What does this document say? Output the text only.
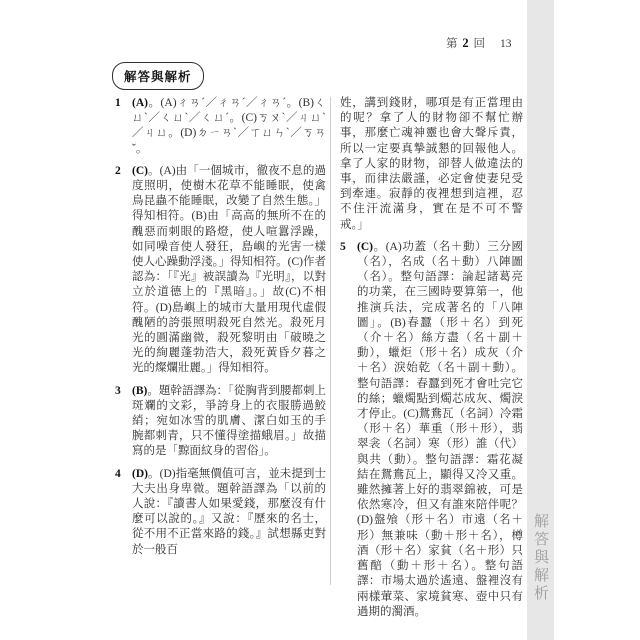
第 2 回 13
解答與解析
1 (A)。(A)ㄔㄢˊ／ㄔㄢˊ／ㄔㄢˊ。(B)ㄑㄩˋ／ㄑㄩˋ／ㄑㄩˊ。(C)ㄎㄡˋ／ㄐㄩˋ／ㄐㄩ。(D)ㄉㄧㄢˋ／ㄒㄩㄣˋ／ㄎㄢˇ。
2 (C)。(A)由「一個城市，徹夜不息的過度照明，使樹木花草不能睡眠，使禽鳥昆蟲不能睡眠，改變了自然生態。」得知相符。(B)由「高高的無所不在的醜惡而刺眼的路燈，使人喧囂浮躁，如同噪音使人發狂，島嶼的光害一樣使人心躁動浮淺。」得知相符。(C)作者認為：「『光』被誤讀為『光明』，以對立於道德上的『黑暗』。」故(C)不相符。(D)島嶼上的城市大量用現代虛假醜陋的誇張照明殺死自然光。殺死月光的圓滿幽微，殺死黎明由「破曉之光的絢麗蓬勃浩大，殺死黃昏夕暮之光的燦爛壯麗。」得知相符。
3 (B)。題幹語譯為：「從胸背到腰都刺上斑斕的文彩，爭誇身上的衣服勝過鮫綃；宛如冰雪的肌膚、潔白如玉的手腕都刺青，只不懂得塗描蛾眉。」故描寫的是「黥面紋身的習俗」。
4 (D)。(D)指毫無價值可言，並未提到士大夫出身卑微。題幹語譯為「以前的人說：『讀書人如果愛錢，那麼沒有什麼可以說的。』又說：『歷來的名士，從不用不正當來路的錢。』試想縣吏對於一般百
姓，講到錢財，哪項是有正當理由的呢？拿了人的財物卻不幫忙辦事，那麼亡魂神靈也會大聲斥責，所以一定要真摯誠懇的回報他人。拿了人家的財物，卻替人做違法的事，而律法嚴謹，必定會使妻兒受到牽連。寂靜的夜裡想到這裡，忍不住汗流滿身，實在是不可不警戒。」
5 (C)。(A)功蓋（名＋動）三分國（名），名成（名＋動）八陣圖（名）。整句語譯：論起諸葛亮的功業，在三國時要算第一，他推演兵法，完成著名的「八陣圖」。(B)春蠶（形＋名）到死（介＋名）絲方盡（名＋副＋動），蠟炬（形＋名）成灰（介＋名）淚始乾（名＋副＋動）。整句語譯：春蠶到死才會吐完它的絲；蠟燭點到燭芯成灰、燭淚才停止。(C)鴛鴦瓦（名詞）冷霜（形＋名）華重（形＋形），翡翠衾（名詞）寒（形）誰（代）與共（動）。整句語譯：霜花凝結在鴛鴦瓦上，顯得又冷又重。雖然擁著上好的翡翠錦被，可是依然寒冷，但又有誰來陪伴呢？(D)盤飧（形＋名）市遠（名＋形）無兼味（動＋形＋名），樽酒（形＋名）家貧（名＋形）只舊醅（動＋形＋名）。整句語譯：市場太過於遙遠、盤裡沒有兩樣葷菜、家境貧寒、壺中只有過期的濁酒。
解答與解析
